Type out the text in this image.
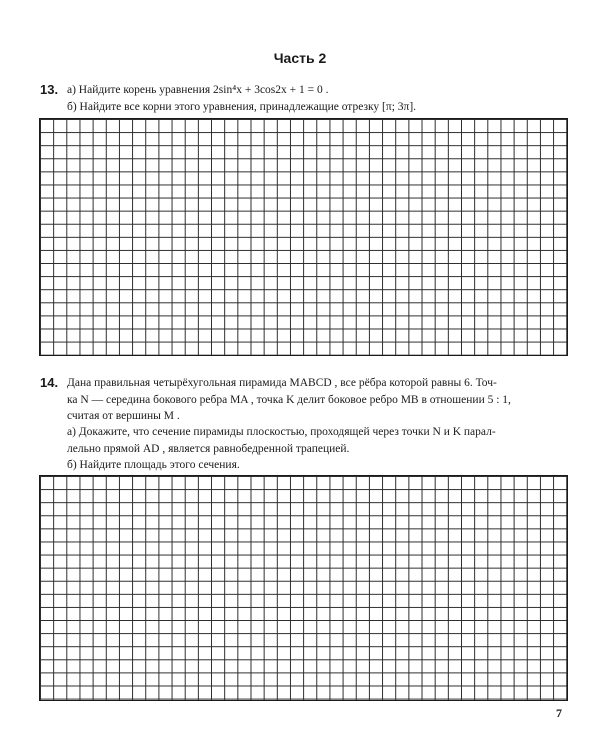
Часть 2
13. а) Найдите корень уравнения 2sin⁴x + 3cos2x + 1 = 0 .
б) Найдите все корни этого уравнения, принадлежащие отрезку [π; 3π].
14. Дана правильная четырёхугольная пирамида MABCD , все рёбра которой равны 6. Точ-
ка N — середина бокового ребра MA , точка K делит боковое ребро MB в отношении 5 : 1,
считая от вершины M .
а) Докажите, что сечение пирамиды плоскостью, проходящей через точки N и K парал-
лельно прямой AD , является равнобедренной трапецией.
б) Найдите площадь этого сечения.
7
